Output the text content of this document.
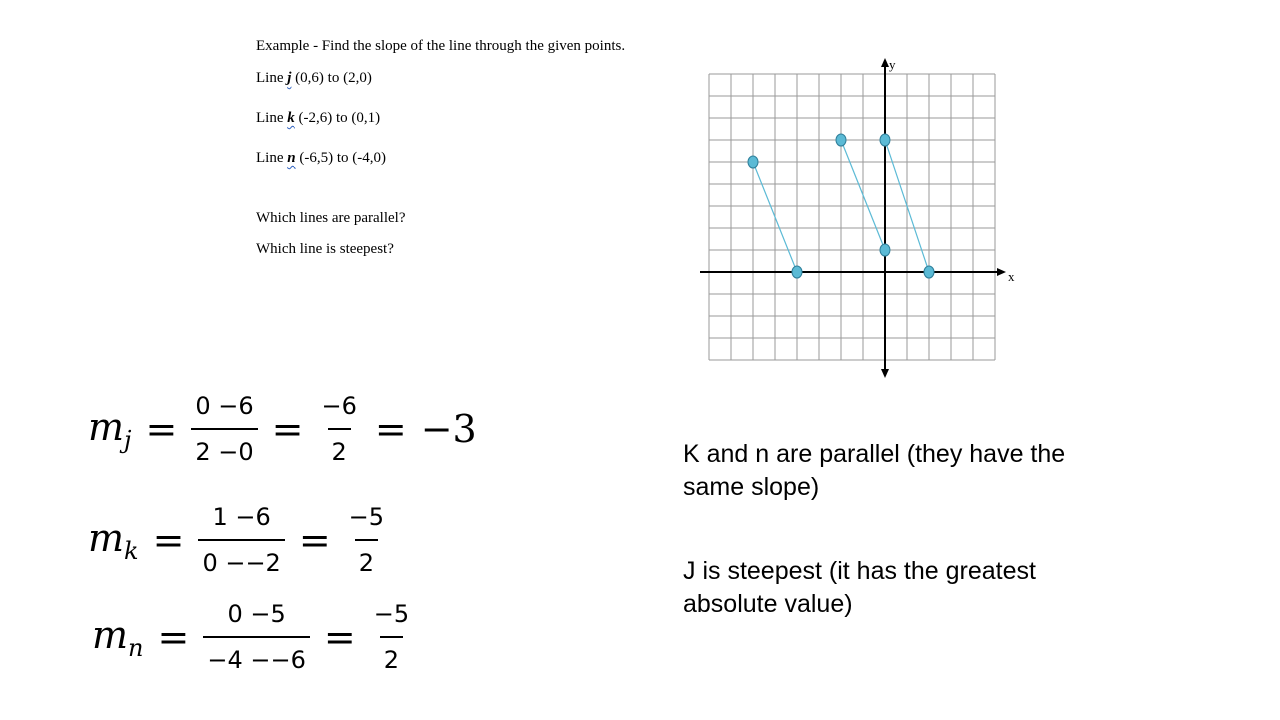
Example - Find the slope of the line through the given points.
Line j (0,6) to (2,0)
Line k (-2,6) to (0,1)
Line n (-6,5) to (-4,0)
Which lines are parallel?
Which line is steepest?
x
y
$m_j = \frac{0 -6}{2 -0} = \frac{-6}{2} = -3$
$m_k = \frac{1 -6}{0 --2} = \frac{-5}{2}$
$m_n = \frac{0 -5}{-4 --6} = \frac{-5}{2}$
K and n are parallel (they have the same slope)
J is steepest (it has the greatest absolute value)
